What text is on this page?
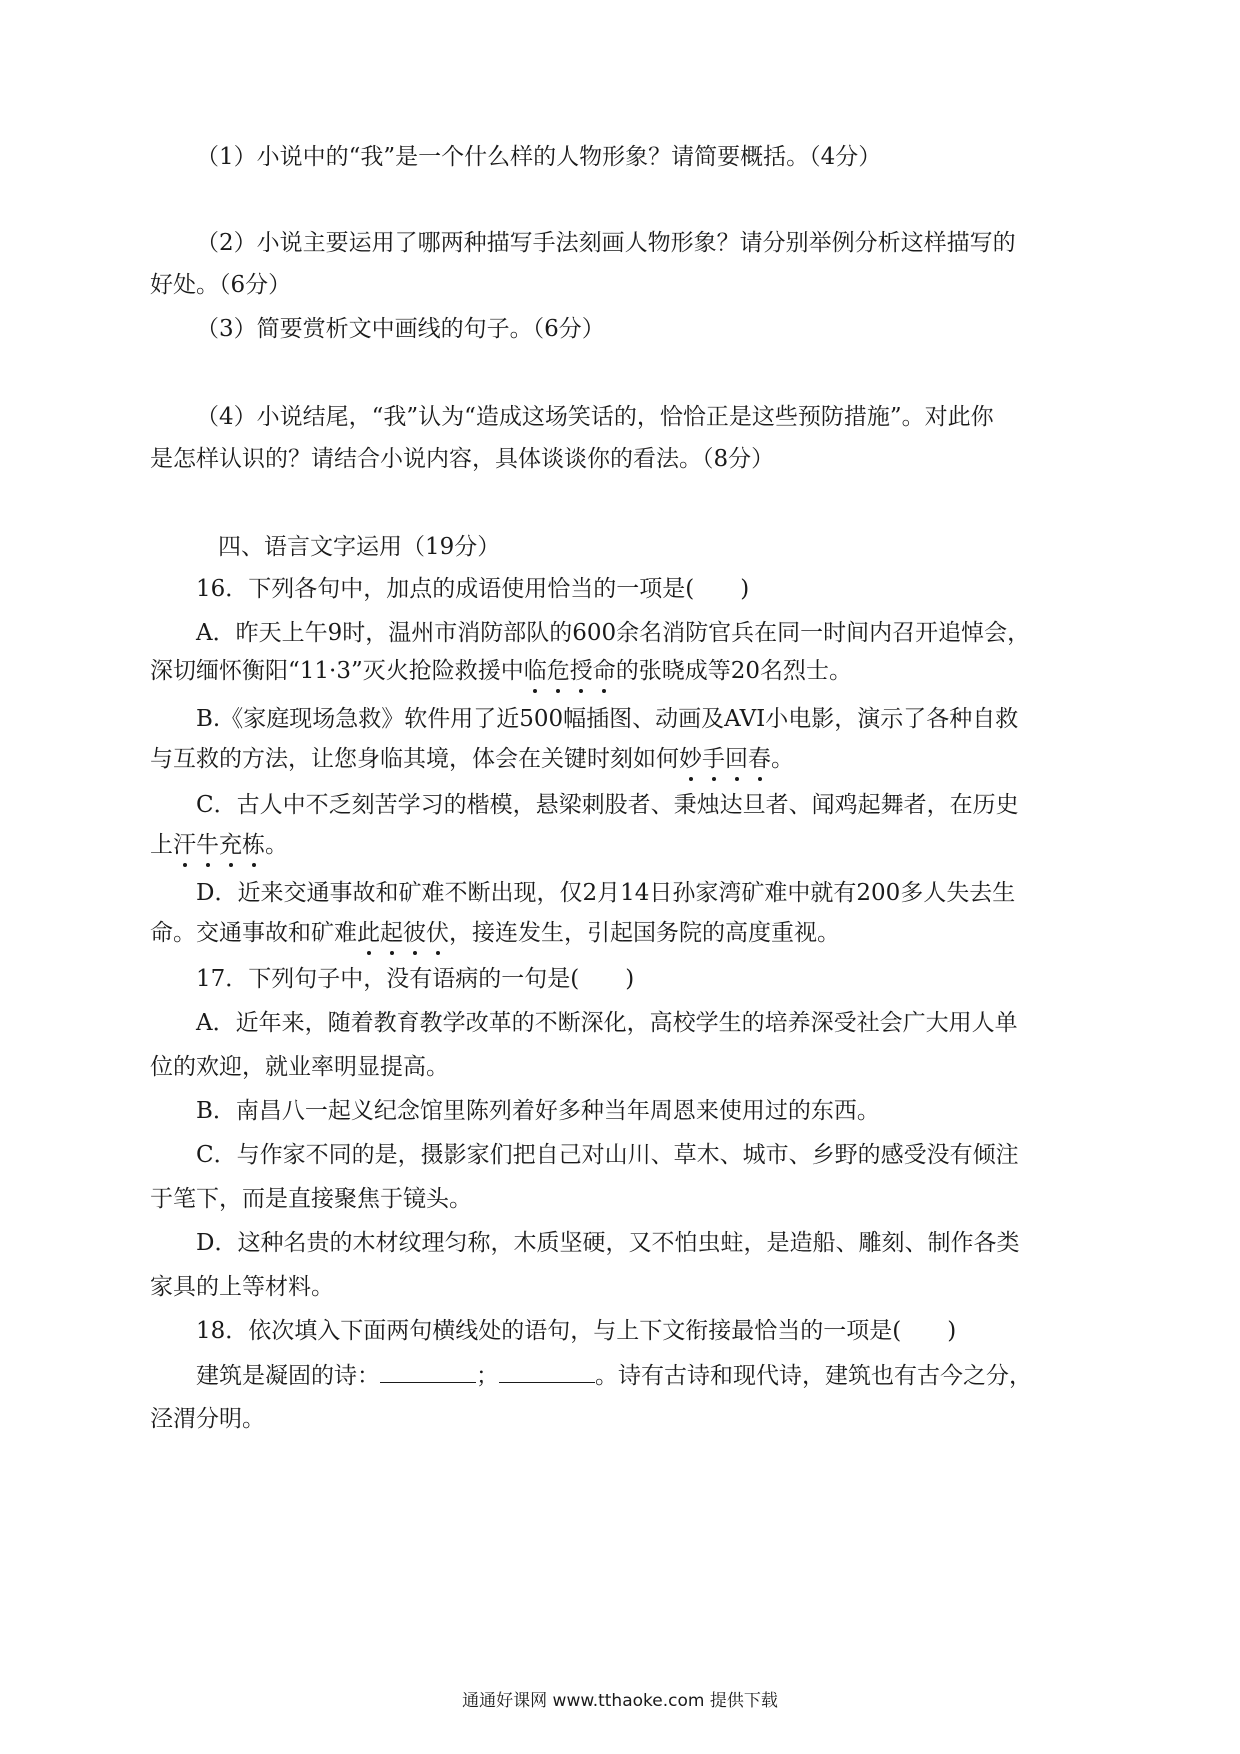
（1）小说中的“我”是一个什么样的人物形象？请简要概括。（4分）
（2）小说主要运用了哪两种描写手法刻画人物形象？请分别举例分析这样描写的
好处。（6分）
（3）简要赏析文中画线的句子。（6分）
（4）小说结尾，“我”认为“造成这场笑话的，恰恰正是这些预防措施”。对此你
是怎样认识的？请结合小说内容，具体谈谈你的看法。（8分）
四、语言文字运用（19分）
16．下列各句中，加点的成语使用恰当的一项是(　　)
A．昨天上午9时，温州市消防部队的600余名消防官兵在同一时间内召开追悼会，
深切缅怀衡阳“11·3”灭火抢险救援中临危授命的张晓成等20名烈士。
B.《家庭现场急救》软件用了近500幅插图、动画及AVI小电影，演示了各种自救
与互救的方法，让您身临其境，体会在关键时刻如何妙手回春。
C．古人中不乏刻苦学习的楷模，悬梁刺股者、秉烛达旦者、闻鸡起舞者，在历史
上汗牛充栋。
D．近来交通事故和矿难不断出现，仅2月14日孙家湾矿难中就有200多人失去生
命。交通事故和矿难此起彼伏，接连发生，引起国务院的高度重视。
17．下列句子中，没有语病的一句是(　　)
A．近年来，随着教育教学改革的不断深化，高校学生的培养深受社会广大用人单
位的欢迎，就业率明显提高。
B．南昌八一起义纪念馆里陈列着好多种当年周恩来使用过的东西。
C．与作家不同的是，摄影家们把自己对山川、草木、城市、乡野的感受没有倾注
于笔下，而是直接聚焦于镜头。
D．这种名贵的木材纹理匀称，木质坚硬，又不怕虫蛀，是造船、雕刻、制作各类
家具的上等材料。
18．依次填入下面两句横线处的语句，与上下文衔接最恰当的一项是(　　)
建筑是凝固的诗：	；	。诗有古诗和现代诗，建筑也有古今之分，
泾渭分明。
通通好课网 www.tthaoke.com 提供下载
